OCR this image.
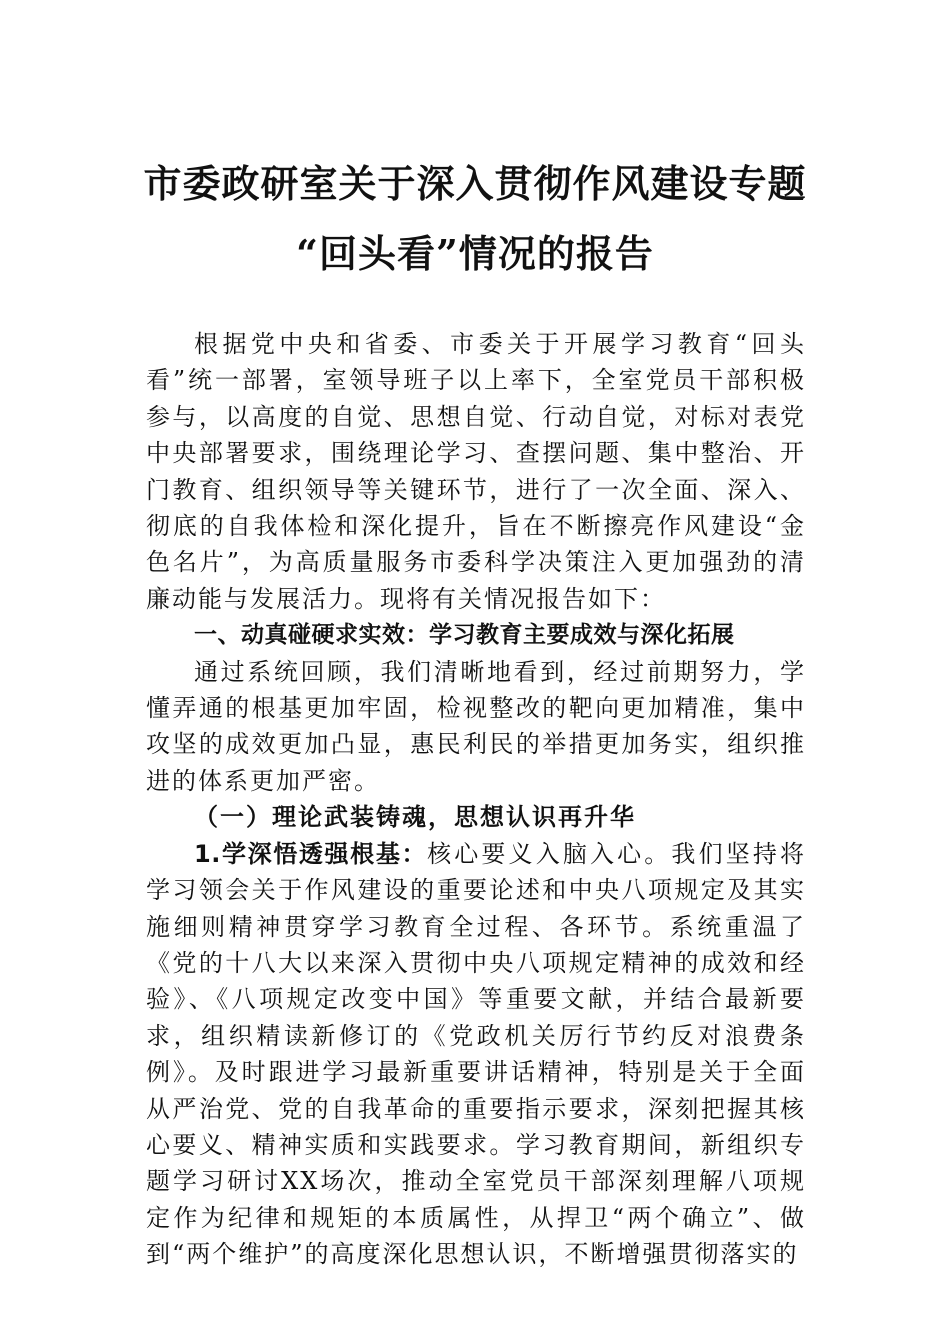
市委政研室关于深入贯彻作风建设专题
“回头看”情况的报告

根据党中央和省委、市委关于开展学习教育“回头看”统一部署，室领导班子以上率下，全室党员干部积极参与，以高度的自觉、思想自觉、行动自觉，对标对表党中央部署要求，围绕理论学习、查摆问题、集中整治、开门教育、组织领导等关键环节，进行了一次全面、深入、彻底的自我体检和深化提升，旨在不断擦亮作风建设“金色名片”，为高质量服务市委科学决策注入更加强劲的清廉动能与发展活力。现将有关情况报告如下：

一、动真碰硬求实效：学习教育主要成效与深化拓展

通过系统回顾，我们清晰地看到，经过前期努力，学懂弄通的根基更加牢固，检视整改的靶向更加精准，集中攻坚的成效更加凸显，惠民利民的举措更加务实，组织推进的体系更加严密。

（一）理论武装铸魂，思想认识再升华

1.学深悟透强根基：核心要义入脑入心。我们坚持将学习领会关于作风建设的重要论述和中央八项规定及其实施细则精神贯穿学习教育全过程、各环节。系统重温了《党的十八大以来深入贯彻中央八项规定精神的成效和经验》、《八项规定改变中国》等重要文献，并结合最新要求，组织精读新修订的《党政机关厉行节约反对浪费条例》。及时跟进学习最新重要讲话精神，特别是关于全面从严治党、党的自我革命的重要指示要求，深刻把握其核心要义、精神实质和实践要求。学习教育期间，新组织专题学习研讨XX场次，推动全室党员干部深刻理解八项规定作为纪律和规矩的本质属性，从捍卫“两个确立”、做到“两个维护”的高度深化思想认识，不断增强贯彻落实的
